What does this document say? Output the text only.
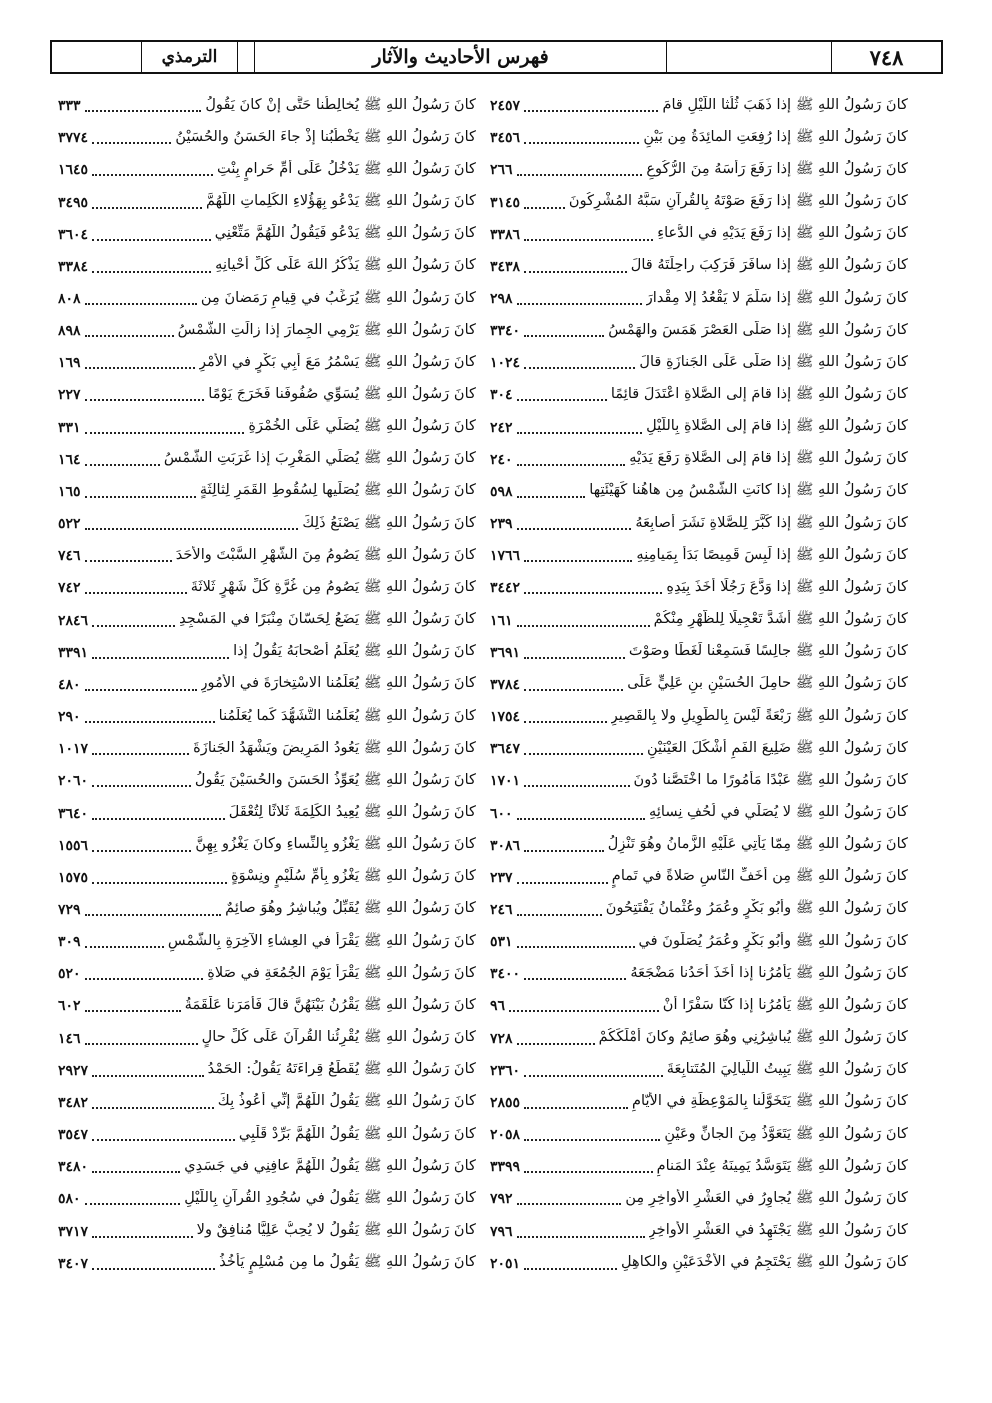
٧٤٨
فهرس الأحاديث والآثار
الترمذي
كانَ رَسُولُ اللهِ ﷺ إذا ذَهَبَ ثُلُثا اللَّيْلِ قامَ
٢٤٥٧
كانَ رَسُولُ اللهِ ﷺ إذا رُفِعَتِ المائِدَةُ مِن بَيْنِ
٣٤٥٦
كانَ رَسُولُ اللهِ ﷺ إذا رَفَعَ رَأْسَهُ مِنَ الرُّكُوعِ
٢٦٦
كانَ رَسُولُ اللهِ ﷺ إذا رَفَعَ صَوْتَهُ بِالقُرآنِ سَبَّهُ المُشْرِكُونَ
٣١٤٥
كانَ رَسُولُ اللهِ ﷺ إذا رَفَعَ يَدَيْهِ في الدُّعاءِ
٣٣٨٦
كانَ رَسُولُ اللهِ ﷺ إذا سافَرَ فَرَكِبَ راحِلَتَهُ قالَ
٣٤٣٨
كانَ رَسُولُ اللهِ ﷺ إذا سَلَّمَ لا يَقْعُدُ إلا مِقْدارَ
٢٩٨
كانَ رَسُولُ اللهِ ﷺ إذا صَلَّى العَصْرَ هَمَسَ والهَمْسُ
٣٣٤٠
كانَ رَسُولُ اللهِ ﷺ إذا صَلَّى عَلَى الجَنازَةِ قالَ
١٠٢٤
كانَ رَسُولُ اللهِ ﷺ إذا قامَ إلى الصَّلاةِ اعْتَدَلَ قائِمًا
٣٠٤
كانَ رَسُولُ اللهِ ﷺ إذا قامَ إلى الصَّلاةِ بِاللَّيْلِ
٢٤٢
كانَ رَسُولُ اللهِ ﷺ إذا قامَ إلى الصَّلاةِ رَفَعَ يَدَيْهِ
٢٤٠
كانَ رَسُولُ اللهِ ﷺ إذا كانَتِ الشَّمْسُ مِن هاهُنا كَهَيْئَتِها
٥٩٨
كانَ رَسُولُ اللهِ ﷺ إذا كَبَّرَ لِلصَّلاةِ نَشَرَ أَصابِعَهُ
٢٣٩
كانَ رَسُولُ اللهِ ﷺ إذا لَبِسَ قَمِيصًا بَدَأَ بِمَيامِنِهِ
١٧٦٦
كانَ رَسُولُ اللهِ ﷺ إذا وَدَّعَ رَجُلًا أَخَذَ بِيَدِهِ
٣٤٤٢
كانَ رَسُولُ اللهِ ﷺ أَشَدَّ تَعْجِيلًا لِلظُّهْرِ مِنْكُمْ
١٦١
كانَ رَسُولُ اللهِ ﷺ جالِسًا فَسَمِعْنا لَغَطًا وصَوْتَ
٣٦٩١
كانَ رَسُولُ اللهِ ﷺ حامِلَ الحُسَيْنِ بنِ عَلِيٍّ عَلَى
٣٧٨٤
كانَ رَسُولُ اللهِ ﷺ رَبْعَةً لَيْسَ بِالطَّوِيلِ ولا بِالقَصِيرِ
١٧٥٤
كانَ رَسُولُ اللهِ ﷺ ضَلِيعَ الفَمِ أَشْكَلَ العَيْنَيْنِ
٣٦٤٧
كانَ رَسُولُ اللهِ ﷺ عَبْدًا مَأْمُورًا ما اخْتَصَّنا دُونَ
١٧٠١
كانَ رَسُولُ اللهِ ﷺ لا يُصَلِّي في لُحُفِ نِسائِهِ
٦٠٠
كانَ رَسُولُ اللهِ ﷺ مِمّا يَأْتِي عَلَيْهِ الزَّمانُ وهُوَ تَنْزِلُ
٣٠٨٦
كانَ رَسُولُ اللهِ ﷺ مِن أَخَفِّ النّاسِ صَلاةً في تَمامٍ
٢٣٧
كانَ رَسُولُ اللهِ ﷺ وأَبُو بَكْرٍ وعُمَرُ وعُثْمانُ يَفْتَتِحُونَ
٢٤٦
كانَ رَسُولُ اللهِ ﷺ وأَبُو بَكْرٍ وعُمَرُ يُصَلُّونَ في
٥٣١
كانَ رَسُولُ اللهِ ﷺ يَأْمُرُنا إذا أَخَذَ أَحَدُنا مَضْجَعَهُ
٣٤٠٠
كانَ رَسُولُ اللهِ ﷺ يَأْمُرُنا إذا كُنّا سَفْرًا أَنْ
٩٦
كانَ رَسُولُ اللهِ ﷺ يُباشِرُنِي وهُوَ صائِمٌ وكانَ أَمْلَكَكُمْ
٧٢٨
كانَ رَسُولُ اللهِ ﷺ يَبِيتُ اللَّيالِيَ المُتَتابِعَةَ
٢٣٦٠
كانَ رَسُولُ اللهِ ﷺ يَتَخَوَّلُنا بِالمَوْعِظَةِ في الأَيّامِ
٢٨٥٥
كانَ رَسُولُ اللهِ ﷺ يَتَعَوَّذُ مِنَ الجانِّ وعَيْنِ
٢٠٥٨
كانَ رَسُولُ اللهِ ﷺ يَتَوَسَّدُ يَمِينَهُ عِنْدَ المَنامِ
٣٣٩٩
كانَ رَسُولُ اللهِ ﷺ يُجاوِرُ في العَشْرِ الأَواخِرِ مِن
٧٩٢
كانَ رَسُولُ اللهِ ﷺ يَجْتَهِدُ في العَشْرِ الأَواخِرِ
٧٩٦
كانَ رَسُولُ اللهِ ﷺ يَحْتَجِمُ في الأَخْدَعَيْنِ والكاهِلِ
٢٠٥١
كانَ رَسُولُ اللهِ ﷺ يُخالِطُنا حَتَّى إنْ كانَ يَقُولُ
٣٣٣
كانَ رَسُولُ اللهِ ﷺ يَخْطُبُنا إذْ جاءَ الحَسَنُ والحُسَيْنُ
٣٧٧٤
كانَ رَسُولُ اللهِ ﷺ يَدْخُلُ عَلَى أُمِّ حَرامٍ بِنْتِ
١٦٤٥
كانَ رَسُولُ اللهِ ﷺ يَدْعُو بِهَؤُلاءِ الكَلِماتِ اللَّهُمَّ
٣٤٩٥
كانَ رَسُولُ اللهِ ﷺ يَدْعُو فَيَقُولُ اللَّهُمَّ مَتِّعْنِي
٣٦٠٤
كانَ رَسُولُ اللهِ ﷺ يَذْكُرُ اللهَ عَلَى كُلِّ أَحْيانِهِ
٣٣٨٤
كانَ رَسُولُ اللهِ ﷺ يُرَغِّبُ في قِيامِ رَمَضانَ مِن
٨٠٨
كانَ رَسُولُ اللهِ ﷺ يَرْمِي الجِمارَ إذا زالَتِ الشَّمْسُ
٨٩٨
كانَ رَسُولُ اللهِ ﷺ يَسْمُرُ مَعَ أَبِي بَكْرٍ في الأَمْرِ
١٦٩
كانَ رَسُولُ اللهِ ﷺ يُسَوِّي صُفُوفَنا فَخَرَجَ يَوْمًا
٢٢٧
كانَ رَسُولُ اللهِ ﷺ يُصَلِّي عَلَى الخُمْرَةِ
٣٣١
كانَ رَسُولُ اللهِ ﷺ يُصَلِّي المَغْرِبَ إذا غَرَبَتِ الشَّمْسُ
١٦٤
كانَ رَسُولُ اللهِ ﷺ يُصَلِّيها لِسُقُوطِ القَمَرِ لِثالِثَةٍ
١٦٥
كانَ رَسُولُ اللهِ ﷺ يَصْنَعُ ذَلِكَ
٥٢٢
كانَ رَسُولُ اللهِ ﷺ يَصُومُ مِنَ الشَّهْرِ السَّبْتَ والأَحَدَ
٧٤٦
كانَ رَسُولُ اللهِ ﷺ يَصُومُ مِن غُرَّةِ كُلِّ شَهْرٍ ثَلاثَةَ
٧٤٢
كانَ رَسُولُ اللهِ ﷺ يَضَعُ لِحَسّانَ مِنْبَرًا في المَسْجِدِ
٢٨٤٦
كانَ رَسُولُ اللهِ ﷺ يُعَلِّمُ أَصْحابَهُ يَقُولُ إذا
٣٣٩١
كانَ رَسُولُ اللهِ ﷺ يُعَلِّمُنا الاسْتِخارَةَ في الأُمُورِ
٤٨٠
كانَ رَسُولُ اللهِ ﷺ يُعَلِّمُنا التَّشَهُّدَ كَما يُعَلِّمُنا
٢٩٠
كانَ رَسُولُ اللهِ ﷺ يَعُودُ المَرِيضَ ويَشْهَدُ الجَنازَةَ
١٠١٧
كانَ رَسُولُ اللهِ ﷺ يُعَوِّذُ الحَسَنَ والحُسَيْنَ يَقُولُ
٢٠٦٠
كانَ رَسُولُ اللهِ ﷺ يُعِيدُ الكَلِمَةَ ثَلاثًا لِتُعْقَلَ
٣٦٤٠
كانَ رَسُولُ اللهِ ﷺ يَغْزُو بِالنِّساءِ وكانَ يَغْزُو بِهِنَّ
١٥٥٦
كانَ رَسُولُ اللهِ ﷺ يَغْزُو بِأُمِّ سُلَيْمٍ ونِسْوَةٍ
١٥٧٥
كانَ رَسُولُ اللهِ ﷺ يُقَبِّلُ ويُباشِرُ وهُوَ صائِمٌ
٧٢٩
كانَ رَسُولُ اللهِ ﷺ يَقْرَأُ في العِشاءِ الآخِرَةِ بِالشَّمْسِ
٣٠٩
كانَ رَسُولُ اللهِ ﷺ يَقْرَأُ يَوْمَ الجُمُعَةِ في صَلاةِ
٥٢٠
كانَ رَسُولُ اللهِ ﷺ يَقْرُنُ بَيْنَهُنَّ قالَ فَأَمَرَنا عَلْقَمَةُ
٦٠٢
كانَ رَسُولُ اللهِ ﷺ يُقْرِئُنا القُرآنَ عَلَى كُلِّ حالٍ
١٤٦
كانَ رَسُولُ اللهِ ﷺ يُقَطِّعُ قِراءَتَهُ يَقُولُ: الحَمْدُ
٢٩٢٧
كانَ رَسُولُ اللهِ ﷺ يَقُولُ اللَّهُمَّ إنِّي أَعُوذُ بِكَ
٣٤٨٢
كانَ رَسُولُ اللهِ ﷺ يَقُولُ اللَّهُمَّ بَرِّدْ قَلْبِي
٣٥٤٧
كانَ رَسُولُ اللهِ ﷺ يَقُولُ اللَّهُمَّ عافِنِي في جَسَدِي
٣٤٨٠
كانَ رَسُولُ اللهِ ﷺ يَقُولُ في سُجُودِ القُرآنِ بِاللَّيْلِ
٥٨٠
كانَ رَسُولُ اللهِ ﷺ يَقُولُ لا يُحِبُّ عَلِيًّا مُنافِقٌ ولا
٣٧١٧
كانَ رَسُولُ اللهِ ﷺ يَقُولُ ما مِن مُسْلِمٍ يَأْخُذُ
٣٤٠٧
